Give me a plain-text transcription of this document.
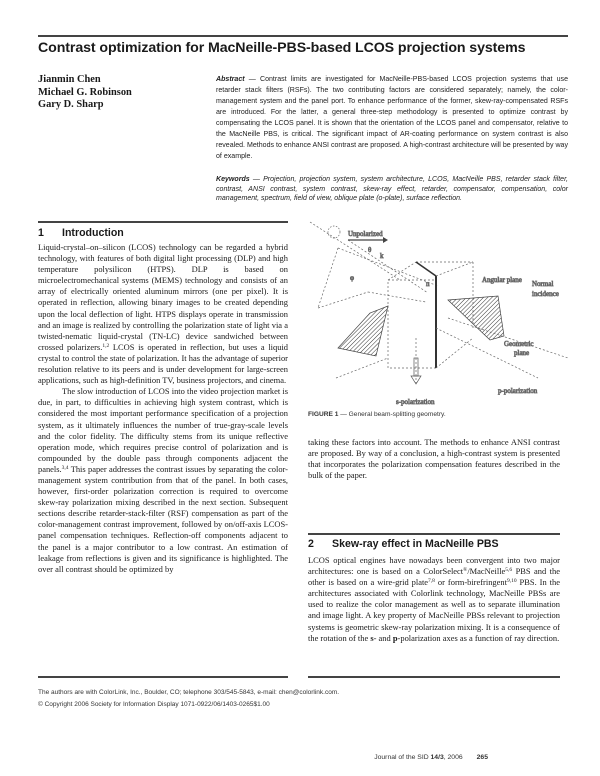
Contrast optimization for MacNeille-PBS-based LCOS projection systems
Jianmin Chen
Michael G. Robinson
Gary D. Sharp
Abstract — Contrast limits are investigated for MacNeille-PBS-based LCOS projection systems that use retarder stack filters (RSFs). The two contributing factors are considered separately; namely, the color-management system and the panel port. To enhance performance of the former, skew-ray-compensated RSFs are introduced. For the latter, a general three-step methodology is presented to optimize contrast by compensating the LCOS panel. It is shown that the orientation of the LCOS panel and compensator, relative to the MacNeille PBS, is critical. The significant impact of AR-coating performance on system contrast is also revealed. Methods to enhance ANSI contrast are proposed. A high-contrast architecture will be presented by way of example.
Keywords — Projection, projection system, system architecture, LCOS, MacNeille PBS, retarder stack filter, contrast, ANSI contrast, system contrast, skew-ray effect, retarder, compensator, compensation, color management, spectrum, field of view, oblique plate (o-plate), surface reflection.
1 Introduction

Liquid-crystal–on–silicon (LCOS) technology can be regarded a hybrid technology, with features of both digital light processing (DLP) and high temperature polysilicon (HTPS). DLP is based on microelectromechanical systems (MEMS) technology and consists of an array of electrically oriented aluminum mirrors (one per pixel). It is operated in reflection, allowing binary images to be created depending upon the local deflection of light. HTPS displays operate in transmission and an image is realized by controlling the polarization state of light via a twisted-nematic liquid-crystal (TN-LC) device sandwiched between crossed polarizers.$^{1,2}$ LCOS is operated in reflection, but uses a liquid crystal to control the state of polarization. It has the advantage of superior resolution relative to its peers and is under development for large-screen applications, such as high-definition TV, business projectors, and cinema.

The slow introduction of LCOS into the video projection market is due, in part, to difficulties in achieving high system contrast, which is considered the most important performance specification of a projection system, as it ultimately influences the number of true-gray-scale levels and the color fidelity. The difficulty stems from its unique reflective operation mode, which requires precise control of polarization and is compounded by the double pass through components adjacent the panels.$^{3,4}$ This paper addresses the contrast issues by separating the color-management system contribution from that of the panel. In both cases, however, first-order polarization correction is required to overcome skew-ray polarization mixing described in the next section. Subsequent sections describe retarder-stack-filter (RSF) compensation as part of the color-management contrast improvement, followed by on/off-axis LCOS-panel compensation techniques. Reflection-off components adjacent to the panel is a major contributor to a low contrast. An estimation of leakage from reflections is given and its significance is highlighted. The over all contrast should be optimized by

Unpolarized
θ
k
φ
n	Angular plane Normal
incidence
Geometric
plane
p-polarization
s-polarization
FIGURE 1 — General beam-splitting geometry.

taking these factors into account. The methods to enhance ANSI contrast are proposed. By way of a conclusion, a high-contrast system is presented that incorporates the polarization compensation features described in the bulk of the paper.

2 Skew-ray effect in MacNeille PBS

LCOS optical engines have nowadays been convergent into two major architectures: one is based on a ColorSelect®/MacNeille$^{5,6}$ PBS and the other is based on a wire-grid plate$^{7,8}$ or form-birefringent$^{9,10}$ PBS. In the architectures associated with Colorlink technology, MacNeille PBSs are used to realize the color management as well as to separate illumination and image light. A key property of MacNeille PBSs relevant to projection systems is geometric skew-ray polarization mixing. It is a consequence of the rotation of the s- and p-polarization axes as a function of ray direction.

The authors are with ColorLink, Inc., Boulder, CO; telephone 303/545-5843, e-mail: chen@colorlink.com.
© Copyright 2006 Society for Information Display 1071-0922/06/1403-0265$1.00
Journal of the SID 14/3, 2006 265
